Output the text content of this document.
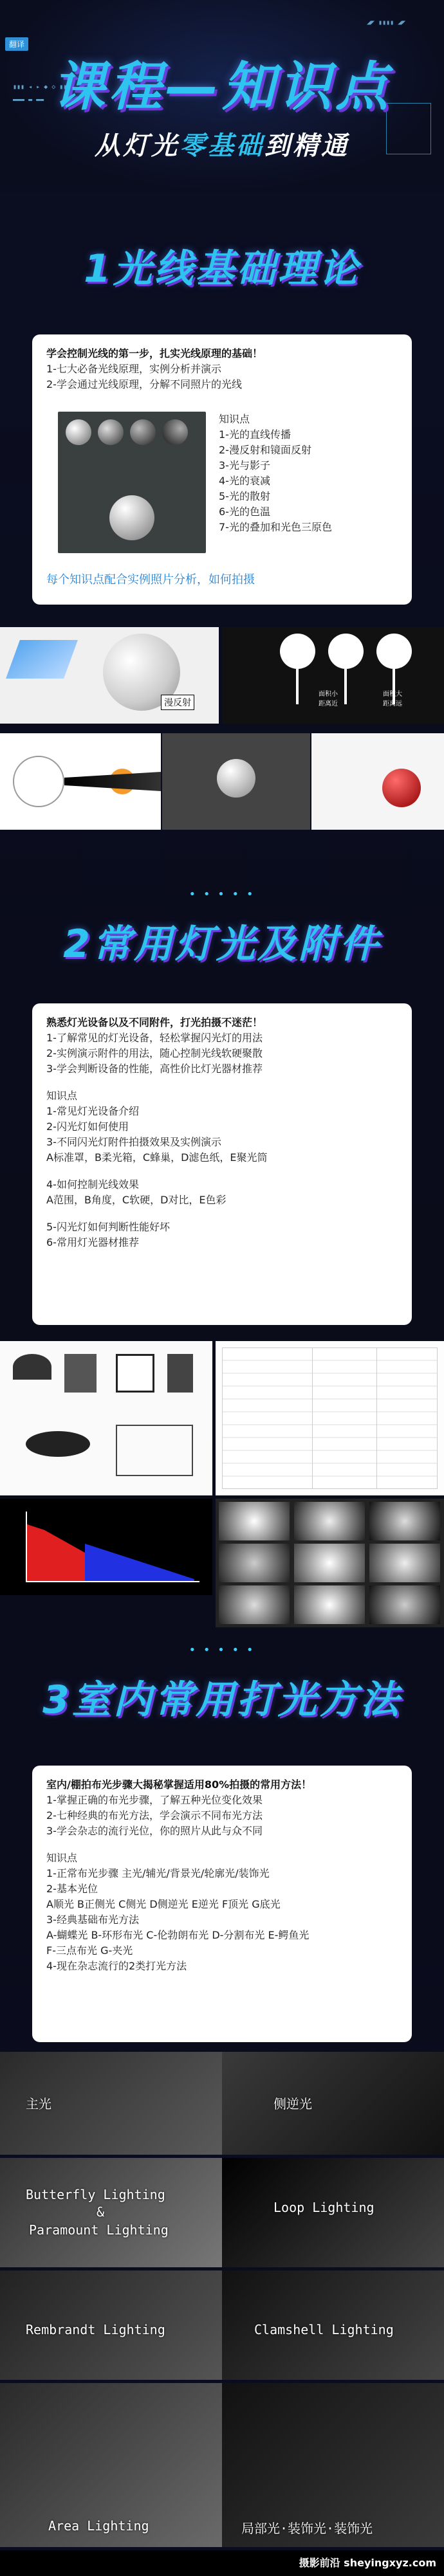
翻译
▮▮▮ ◂ ▸ ◆ ◇ ▮▮
▬▬▬ ▬ ▬▬
◢◤ ▮▮▮▮ ◢◤
课程—知识点
从灯光零基础到精通
1光线基础理论

学会控制光线的第一步，扎实光线原理的基础！

1-七大必备光线原理，实例分析并演示

2-学会通过光线原理，分解不同照片的光线

知识点

1-光的直线传播

2-漫反射和镜面反射

3-光与影子

4-光的衰减

5-光的散射

6-光的色温

7-光的叠加和光色三原色

每个知识点配合实例照片分析，如何拍摄

漫反射
面积小 距离近
面积大 距离远
• • • • •
2常用灯光及附件

熟悉灯光设备以及不同附件，打光拍摄不迷茫！

1-了解常见的灯光设备，轻松掌握闪光灯的用法

2-实例演示附件的用法，随心控制光线软硬聚散

3-学会判断设备的性能，高性价比灯光器材推荐

知识点

1-常见灯光设备介绍

2-闪光灯如何使用

3-不同闪光灯附件拍摄效果及实例演示

A标准罩，B柔光箱，C蜂巢，D滤色纸，E聚光筒

4-如何控制光线效果

A范围，B角度，C软硬，D对比，E色彩

5-闪光灯如何判断性能好坏

6-常用灯光器材推荐

• • • • •
3室内常用打光方法

室内/棚拍布光步骤大揭秘掌握适用80%拍摄的常用方法！

1-掌握正确的布光步骤，了解五种光位变化效果

2-七种经典的布光方法，学会演示不同布光方法

3-学会杂志的流行光位，你的照片从此与众不同

知识点

1-正常布光步骤 主光/辅光/背景光/轮廓光/装饰光

2-基本光位

A顺光 B正侧光 C侧光 D侧逆光 E逆光 F顶光 G底光

3-经典基础布光方法

A-蝴蝶光 B-环形布光 C-伦勃朗布光 D-分割布光 E-鳄鱼光

F-三点布光 G-夹光

4-现在杂志流行的2类打光方法

主光	侧逆光
Butterfly Lighting
&
Paramount Lighting
Loop Lighting
Rembrandt Lighting	Clamshell Lighting
Area Lighting	局部光·装饰光·装饰光
摄影前沿 sheyingxyz.com
